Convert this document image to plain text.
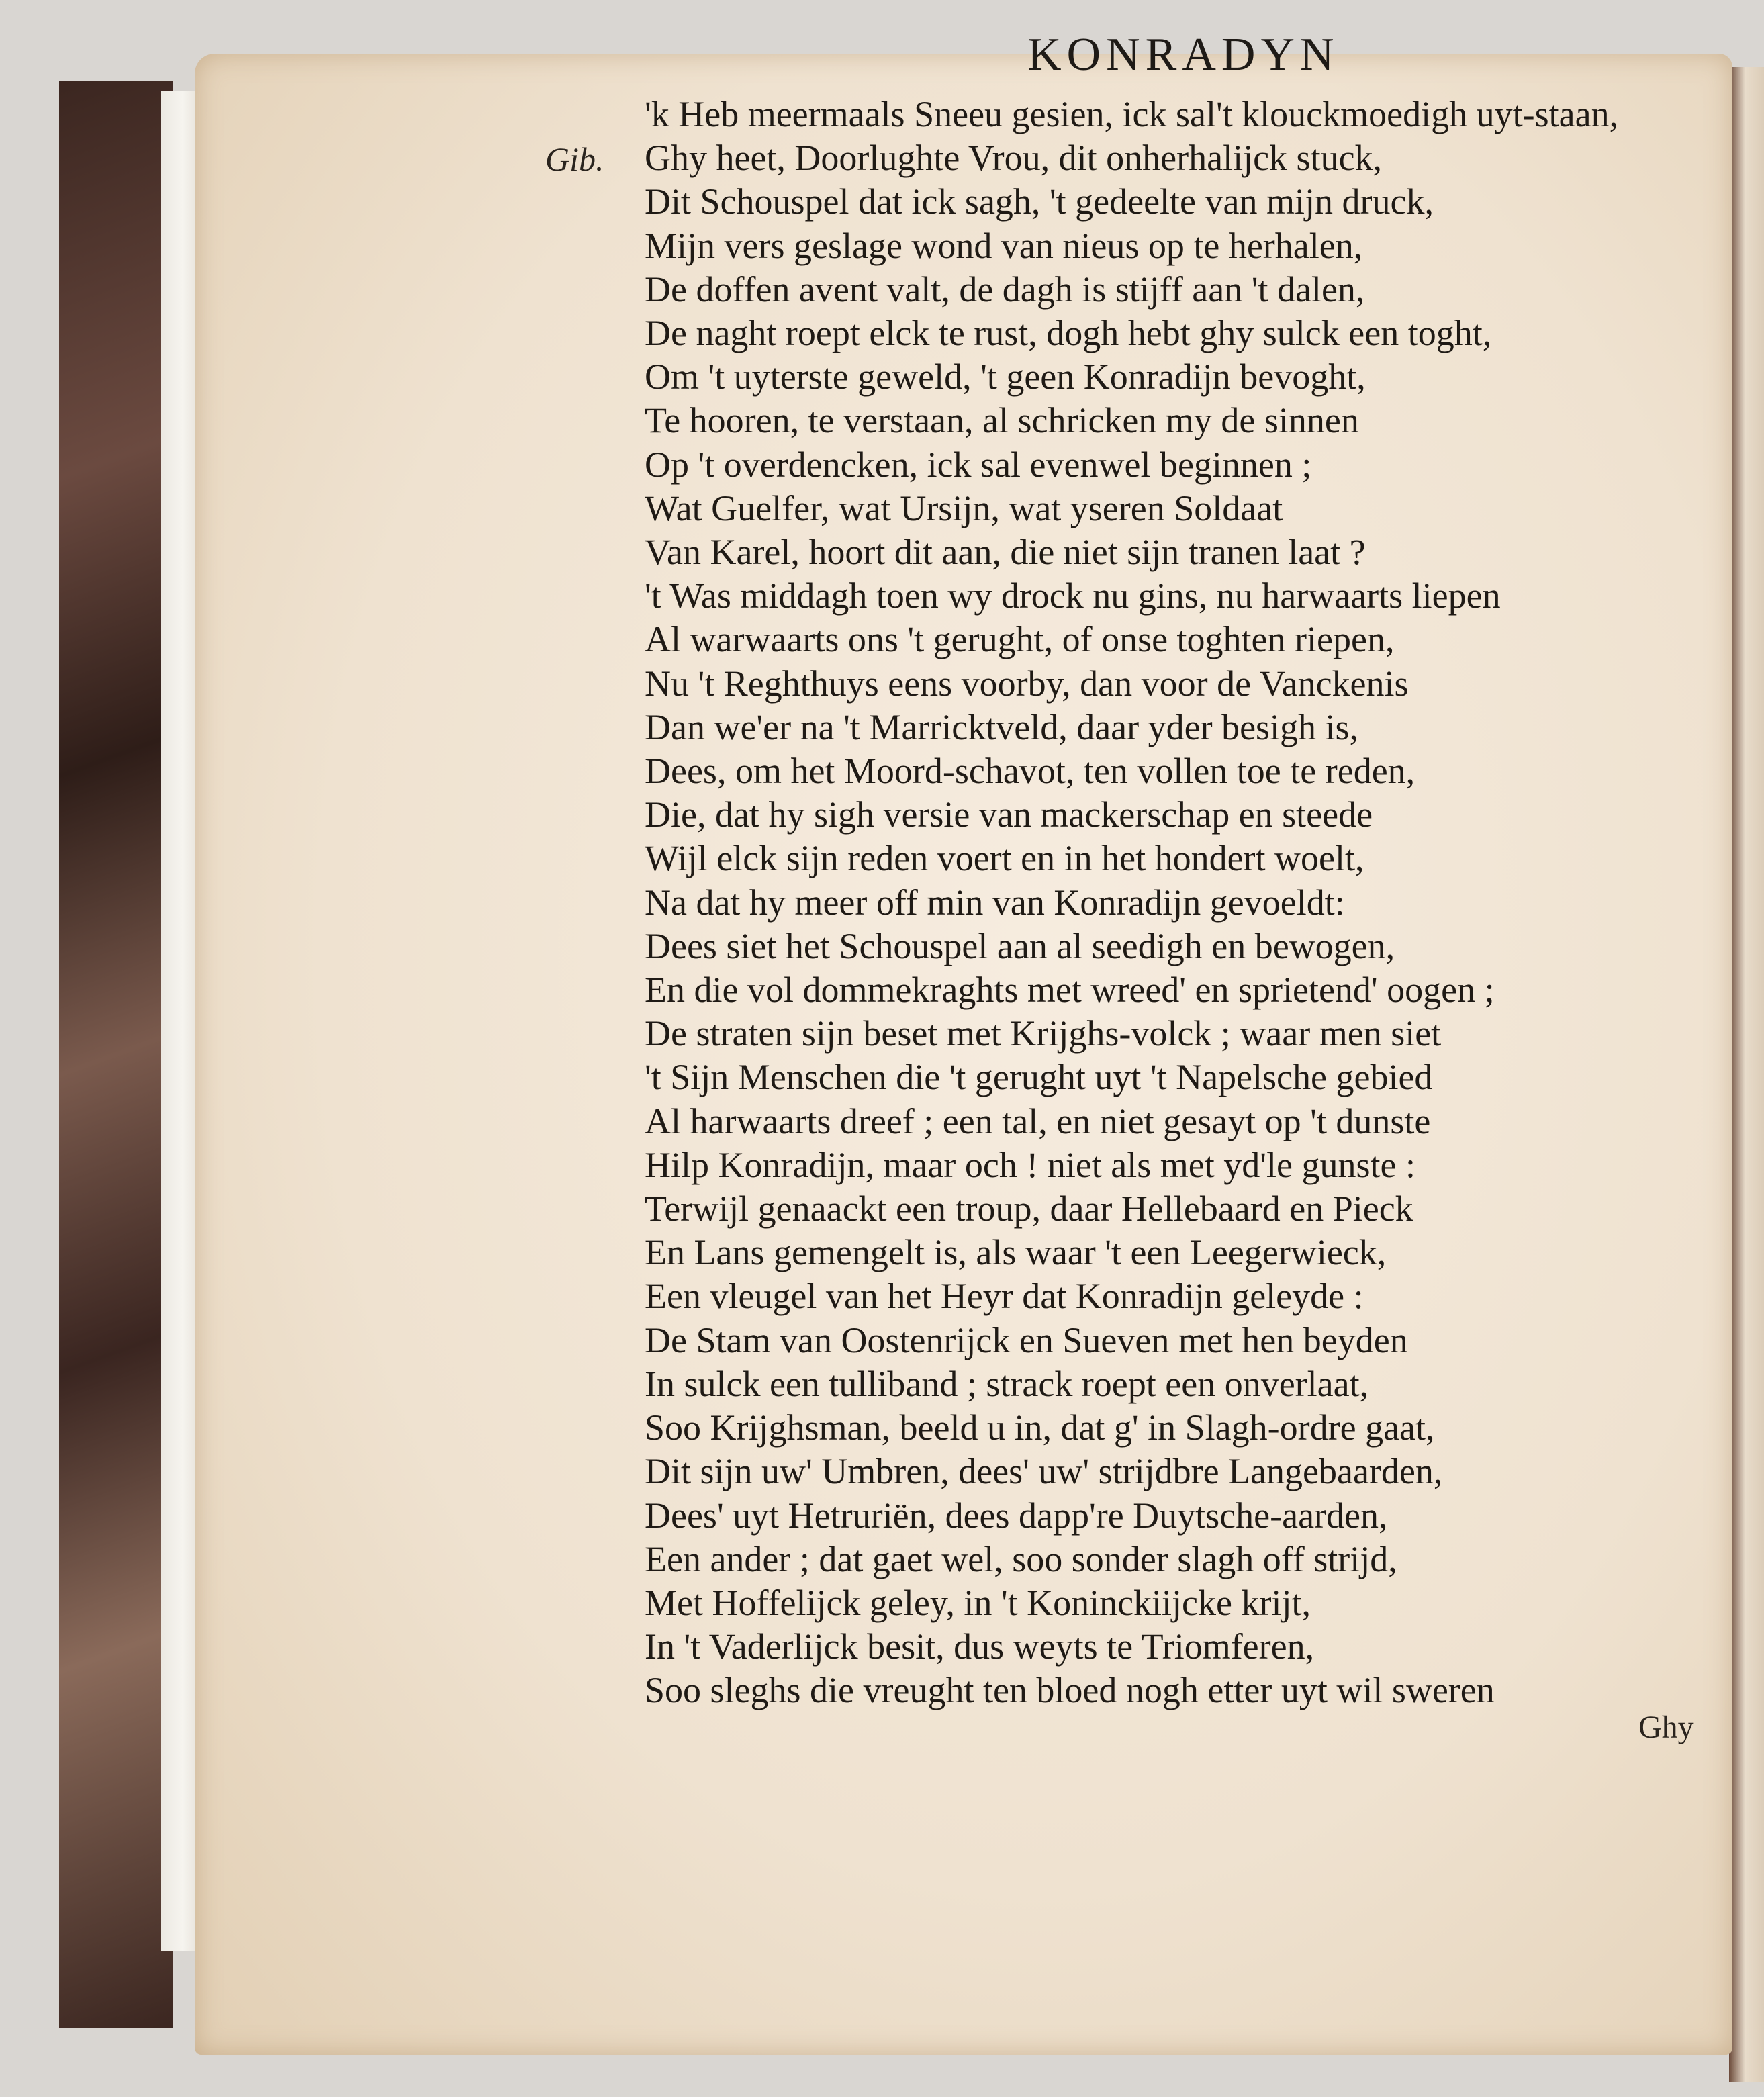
KONRADYN
Gib.
'k Heb meermaals Sneeu gesien, ick sal't klouckmoedigh uyt-staan,
Ghy heet, Doorlughte Vrou, dit onherhalijck stuck,
Dit Schouspel dat ick sagh, 't gedeelte van mijn druck,
Mijn vers geslage wond van nieus op te herhalen,
De doffen avent valt, de dagh is stijff aan 't dalen,
De naght roept elck te rust, dogh hebt ghy sulck een toght,
Om 't uyterste geweld, 't geen Konradijn bevoght,
Te hooren, te verstaan, al schricken my de sinnen
Op 't overdencken, ick sal evenwel beginnen ;
Wat Guelfer, wat Ursijn, wat yseren Soldaat
Van Karel, hoort dit aan, die niet sijn tranen laat ?
't Was middagh toen wy drock nu gins, nu harwaarts liepen
Al warwaarts ons 't gerught, of onse toghten riepen,
Nu 't Reghthuys eens voorby, dan voor de Vanckenis
Dan we'er na 't Marricktveld, daar yder besigh is,
Dees, om het Moord-schavot, ten vollen toe te reden,
Die, dat hy sigh versie van mackerschap en steede
Wijl elck sijn reden voert en in het hondert woelt,
Na dat hy meer off min van Konradijn gevoeldt:
Dees siet het Schouspel aan al seedigh en bewogen,
En die vol dommekraghts met wreed' en sprietend' oogen ;
De straten sijn beset met Krijghs-volck ; waar men siet
't Sijn Menschen die 't gerught uyt 't Napelsche gebied
Al harwaarts dreef ; een tal, en niet gesayt op 't dunste
Hilp Konradijn, maar och ! niet als met yd'le gunste :
Terwijl genaackt een troup, daar Hellebaard en Pieck
En Lans gemengelt is, als waar 't een Leegerwieck,
Een vleugel van het Heyr dat Konradijn geleyde :
De Stam van Oostenrijck en Sueven met hen beyden
In sulck een tulliband ; strack roept een onverlaat,
Soo Krijghsman, beeld u in, dat g' in Slagh-ordre gaat,
Dit sijn uw' Umbren, dees' uw' strijdbre Langebaarden,
Dees' uyt Hetruriën, dees dapp're Duytsche-aarden,
Een ander ; dat gaet wel, soo sonder slagh off strijd,
Met Hoffelijck geley, in 't Koninckiijcke krijt,
In 't Vaderlijck besit, dus weyts te Triomferen,
Soo sleghs die vreught ten bloed nogh etter uyt wil sweren
Ghy
